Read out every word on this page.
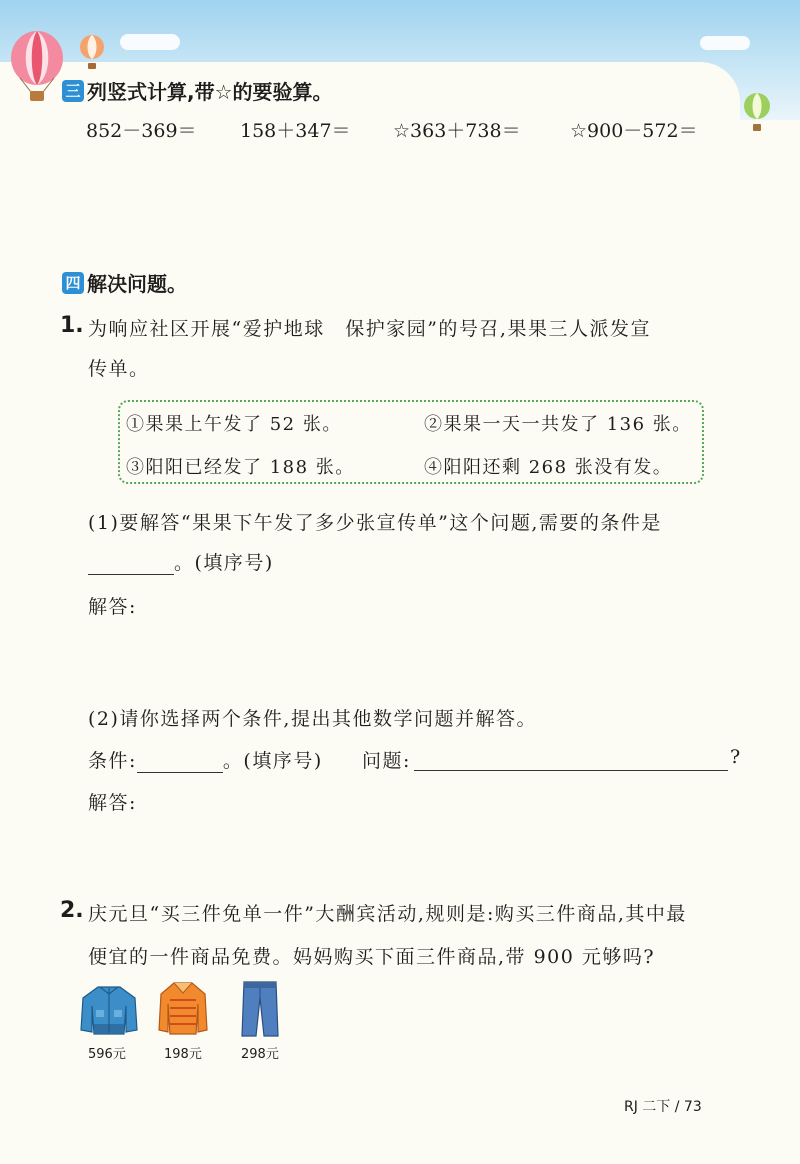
三 列竖式计算,带☆的要验算。
852－369＝ 158＋347＝ ☆363＋738＝	☆900－572＝
四 解决问题。
1. 为响应社区开展“爱护地球　保护家园”的号召,果果三人派发宣
传单。
①果果上午发了 52 张。	②果果一天一共发了 136 张。
③阳阳已经发了 188 张。	④阳阳还剩 268 张没有发。
(1)要解答“果果下午发了多少张宣传单”这个问题,需要的条件是
。(填序号)
解答:
(2)请你选择两个条件,提出其他数学问题并解答。
条件:	。(填序号) 问题:	?
解答:
2. 庆元旦“买三件免单一件”大酬宾活动,规则是:购买三件商品,其中最
便宜的一件商品免费。妈妈购买下面三件商品,带 900 元够吗?
596元	198元	298元
RJ 二下 / 73
